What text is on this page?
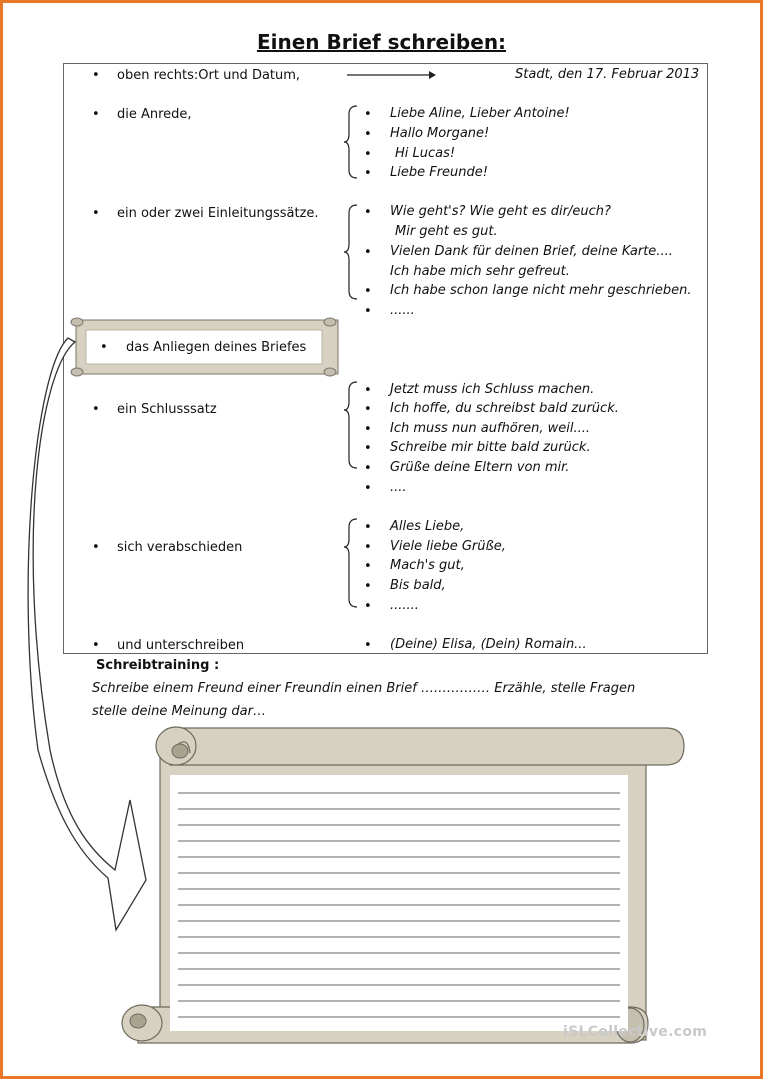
Einen Brief schreiben:
• oben rechts:Ort und Datum,	Stadt, den 17. Februar 2013
• die Anrede,	• Liebe Aline, Lieber Antoine!
• Hallo Morgane!
• Hi Lucas!
• Liebe Freunde!
• ein oder zwei Einleitungssätze.	• Wie geht's? Wie geht es dir/euch?
Mir geht es gut.
• Vielen Dank für deinen Brief, deine Karte....
Ich habe mich sehr gefreut.
• Ich habe schon lange nicht mehr geschrieben.
• ......
• das Anliegen deines Briefes
• ein Schlusssatz
• Jetzt muss ich Schluss machen.
• Ich hoffe, du schreibst bald zurück.
• Ich muss nun aufhören, weil....
• Schreibe mir bitte bald zurück.
• Grüße deine Eltern von mir.
• ....
• sich verabschieden
• Alles Liebe,
• Viele liebe Grüße,
• Mach's gut,
• Bis bald,
• .......
• und unterschreiben	• (Deine) Elisa, (Dein) Romain...
Schreibtraining :
Schreibe einem Freund einer Freundin einen Brief ….………… Erzähle, stelle Fragen
stelle deine Meinung dar…
iSLCollective.com
